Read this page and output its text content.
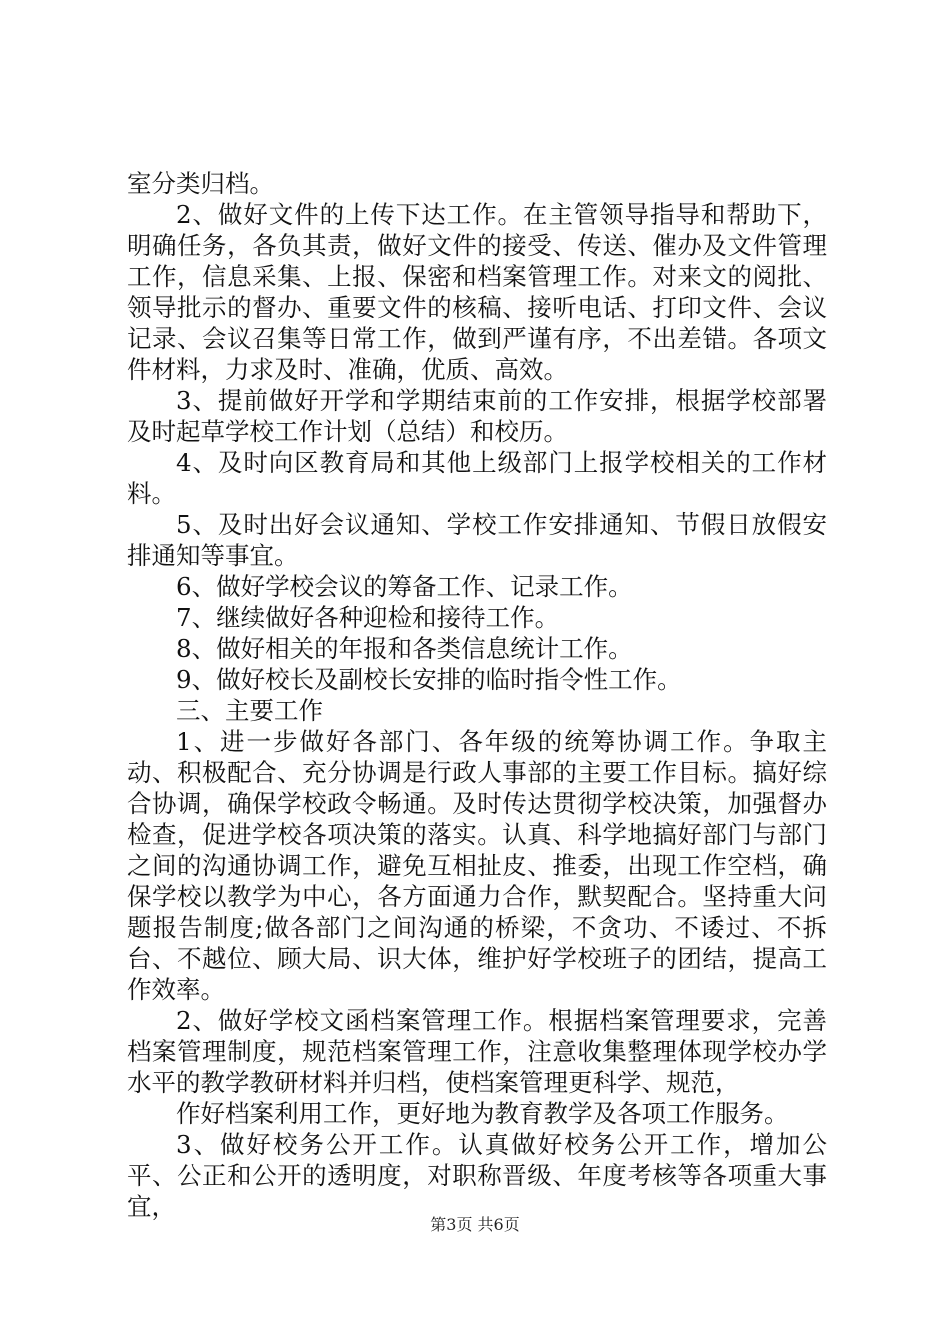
室分类归档。

2、做好文件的上传下达工作。在主管领导指导和帮助下，明确任务，各负其责，做好文件的接受、传送、催办及文件管理工作，信息采集、上报、保密和档案管理工作。对来文的阅批、领导批示的督办、重要文件的核稿、接听电话、打印文件、会议记录、会议召集等日常工作，做到严谨有序，不出差错。各项文件材料，力求及时、准确，优质、高效。

3、提前做好开学和学期结束前的工作安排，根据学校部署及时起草学校工作计划（总结）和校历。

4、及时向区教育局和其他上级部门上报学校相关的工作材料。

5、及时出好会议通知、学校工作安排通知、节假日放假安排通知等事宜。

6、做好学校会议的筹备工作、记录工作。

7、继续做好各种迎检和接待工作。

8、做好相关的年报和各类信息统计工作。

9、做好校长及副校长安排的临时指令性工作。

三、主要工作

1、进一步做好各部门、各年级的统筹协调工作。争取主动、积极配合、充分协调是行政人事部的主要工作目标。搞好综合协调，确保学校政令畅通。及时传达贯彻学校决策，加强督办检查，促进学校各项决策的落实。认真、科学地搞好部门与部门之间的沟通协调工作，避免互相扯皮、推委，出现工作空档，确保学校以教学为中心，各方面通力合作，默契配合。坚持重大问题报告制度;做各部门之间沟通的桥梁，不贪功、不诿过、不拆台、不越位、顾大局、识大体，维护好学校班子的团结，提高工作效率。

2、做好学校文函档案管理工作。根据档案管理要求，完善档案管理制度，规范档案管理工作，注意收集整理体现学校办学水平的教学教研材料并归档，使档案管理更科学、规范，

作好档案利用工作，更好地为教育教学及各项工作服务。

3、做好校务公开工作。认真做好校务公开工作，增加公平、公正和公开的透明度，对职称晋级、年度考核等各项重大事宜，

第3页 共6页
